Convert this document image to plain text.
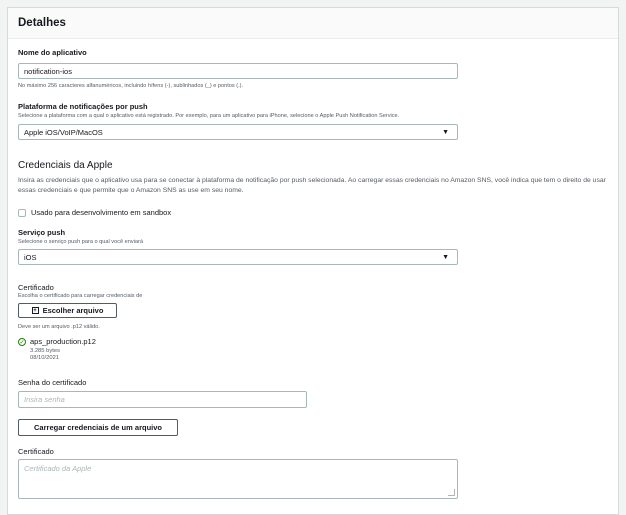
Detalhes
Nome do aplicativo
notification-ios
No máximo 256 caracteres alfanuméricos, incluindo hífens (-), sublinhados (_) e pontos (.).
Plataforma de notificações por push
Selecione a plataforma com a qual o aplicativo está registrado. Por exemplo, para um aplicativo para iPhone, selecione o Apple Push Notification Service.
Apple iOS/VoIP/MacOS	▼
Credenciais da Apple
Insira as credenciais que o aplicativo usa para se conectar à plataforma de notificação por push selecionada. Ao carregar essas credenciais no Amazon SNS, você indica que tem o direito de usar essas credenciais e que permite que o Amazon SNS as use em seu nome.
Usado para desenvolvimento em sandbox
Serviço push
Selecione o serviço push para o qual você enviará
iOS	▼
Certificado
Escolha o certificado para carregar credenciais de
+ Escolher arquivo
Deve ser um arquivo .p12 válido.
✓ aps_production.p12
3.285 bytes
08/10/2021
Senha do certificado
Insira senha
Carregar credenciais de um arquivo
Certificado
Certificado da Apple
